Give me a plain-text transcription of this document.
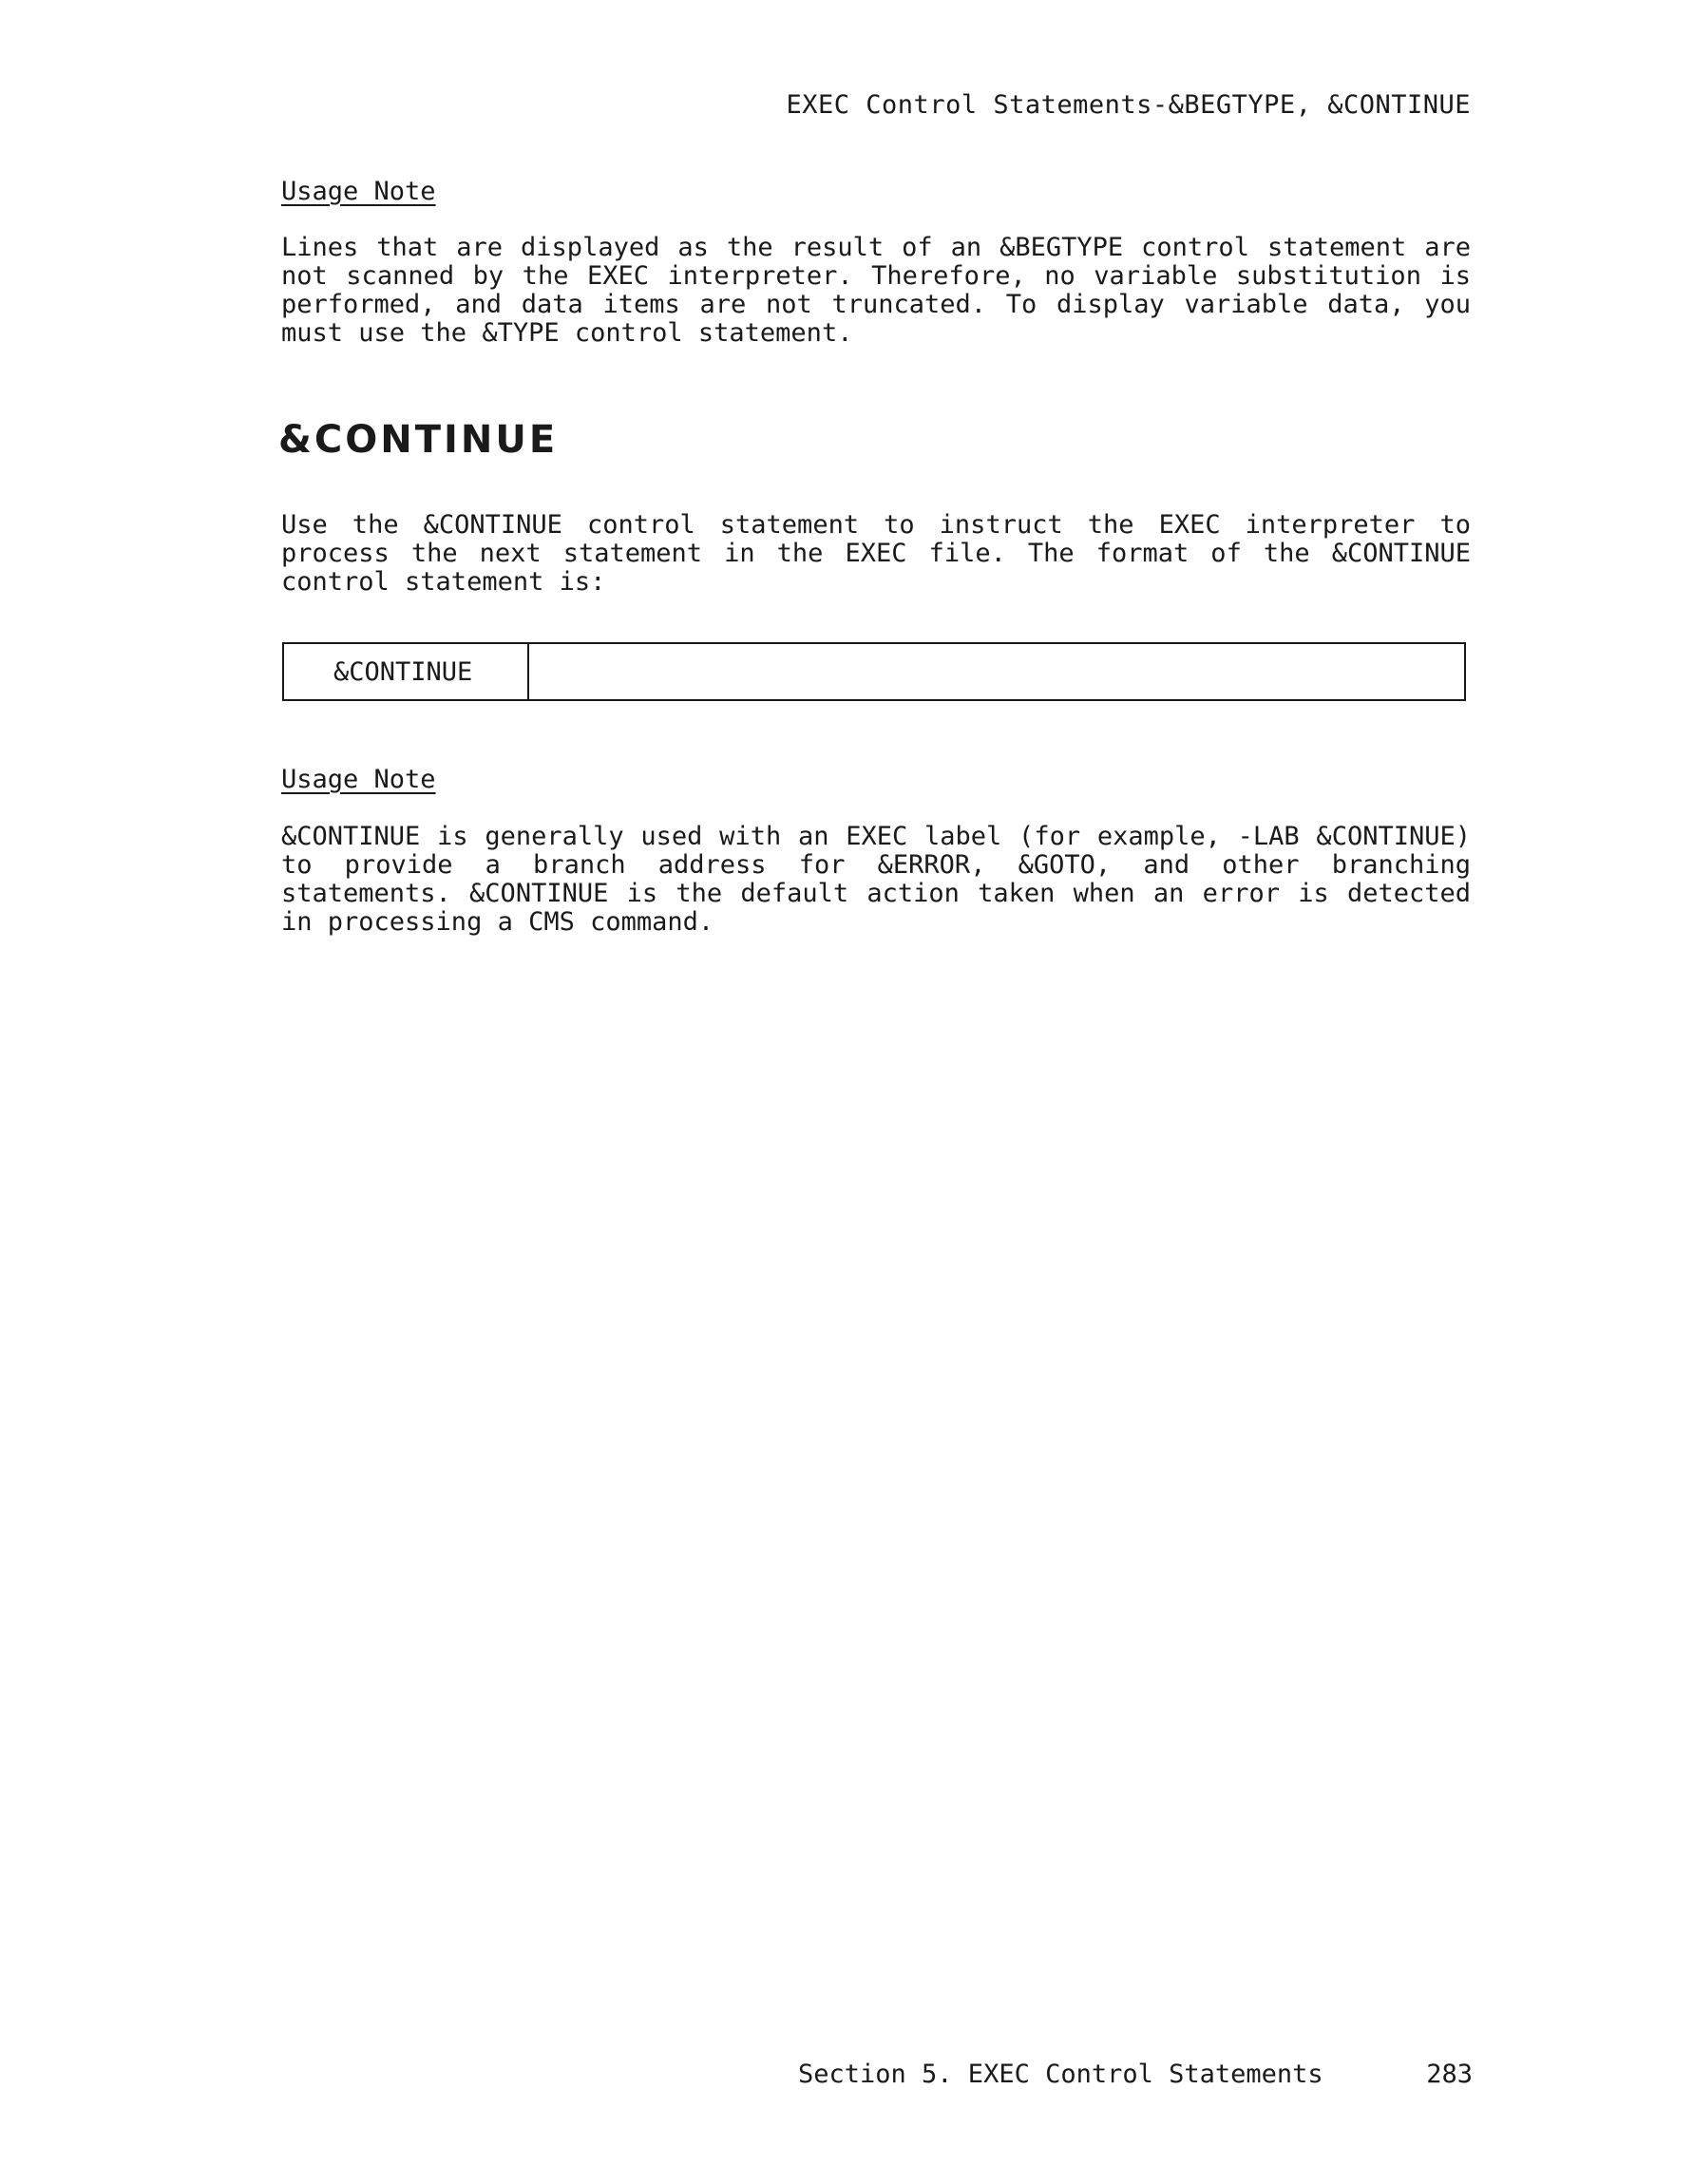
EXEC Control Statements-&BEGTYPE, &CONTINUE
Usage Note

Lines that are displayed as the result of an &BEGTYPE control statement are not scanned by the EXEC interpreter. Therefore, no variable substitution is performed, and data items are not truncated. To display variable data, you must use the &TYPE control statement.

&CONTINUE

Use the &CONTINUE control statement to instruct the EXEC interpreter to process the next statement in the EXEC file. The format of the &CONTINUE control statement is:

&CONTINUE
Usage Note

&CONTINUE is generally used with an EXEC label (for example, -LAB &CONTINUE) to provide a branch address for &ERROR, &GOTO, and other branching statements. &CONTINUE is the default action taken when an error is detected in processing a CMS command.

Section 5. EXEC Control Statements	283
